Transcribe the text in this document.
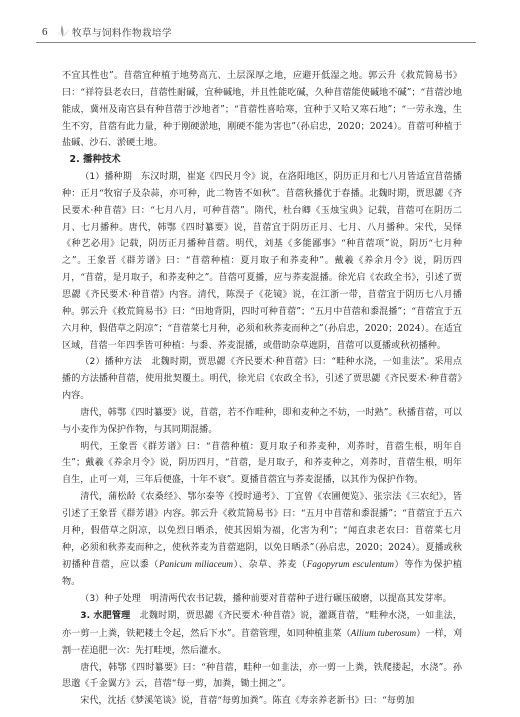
6	牧草与饲料作物栽培学

不宜其性也”。苜蓿宜种植于地势高亢、土层深厚之地，应避开低湿之地。郭云升《救荒简易书》曰：“祥符县老农曰，苜蓿性耐碱，宜种碱地，并且性能吃碱，久种苜蓿能使碱地不碱”；“苜蓿沙地能成，冀州及南宫县有种苜蓿于沙地者”；“苜蓿性喜哈寒，宜种于又哈又寒石地”；“一劳永逸，生生不穷，苜蓿有此力量，种于刚硬淤地，刚硬不能为害也”（孙启忠，2020；2024）。苜蓿可种植于盐碱、沙石、淤硬土地。

2. 播种技术

（1）播种期　 东汉时期，崔寔《四民月令》说，在洛阳地区，阴历正月和七八月皆适宜苜蓿播种：正月“牧宿子及杂蒜，亦可种，此二物皆不如秋”。苜蓿秋播优于春播。北魏时期，贾思勰《齐民要术·种苜蓿》曰：“七月八月，可种苜蓿”。隋代，杜台卿《玉烛宝典》记载，苜蓿可在阴历二月、七月播种。唐代，韩鄂《四时纂要》说，苜蓿宜于阴历正月、七月、八月播种。宋代，吴怿《种艺必用》记载，阴历正月播种苜蓿。明代，刘基《多能鄙事》“种苜蓿项”说，阴历“七月种之”。王象晋《群芳谱》曰：“苜蓿种植：夏月取子和荞麦种”。戴羲《养余月令》说，阴历四月，“苜蓿，是月取子，和荞麦种之”。苜蓿可夏播，应与荞麦混播。徐光启《农政全书》，引述了贾思勰《齐民要术·种苜蓿》内容。清代，陈淏子《花镜》说，在江浙一带，苜蓿宜于阴历七八月播种。郭云升《救荒简易书》曰：“田地背阴，四时可种苜蓿”；“五月中苜蓿和黍混播”；“苜蓿宜于五六月种，假借草之阴凉”；“苜蓿菜七月种，必须和秋荞麦而种之”（孙启忠，2020；2024）。在适宜区域，苜蓿一年四季皆可种植：与黍、荞麦混播，或借助杂草遮阴，苜蓿可以夏播或秋初播种。

（2）播种方法　 北魏时期，贾思勰《齐民要术·种苜蓿》曰：“畦种水浇，一如韭法”。采用点播的方法播种苜蓿，使用批契覆土。明代，徐光启《农政全书》，引述了贾思勰《齐民要术·种苜蓿》内容。

唐代，韩鄂《四时纂要》说，苜蓿，若不作畦种，即和麦种之不妨，一时熟”。秋播苜蓿，可以与小麦作为保护作物，与其同期混播。

明代，王象晋《群芳谱》曰：“苜蓿种植：夏月取子和荞麦种，刈荞时，苜蓿生根，明年自生”；戴羲《养余月令》说，阴历四月，“苜蓿，是月取子，和荞麦种之，刈荞时，苜蓿生根，明年自生，止可一刈，三年后便盛，十年不衰”。夏播苜蓿宜与荞麦混播，以其作为保护作物。

清代，蒲松龄《农桑经》、鄂尔泰等《授时通考》、丁宜曾《农圃便览》、张宗法《三农纪》，皆引述了王象晋《群芳谱》内容。郭云升《救荒简易书》曰：“五月中苜蓿和黍混播”；“苜蓿宜于五六月种，假借草之阴凉，以免烈日晒杀，使其因娟为福，化害为利”；“闻直隶老农曰：苜蓿菜七月种，必须和秋荞麦而种之，使秋荞麦为苜蓿遮阴，以免日晒杀”（孙启忠，2020；2024）。夏播或秋初播种苜蓿，应以黍（Panicum miliaceum）、杂草、荞麦（Fagopyrum esculentum）等作为保护植物。

（3）种子处理　 明清两代农书记载，播种前要对苜蓿种子进行碾压破磨，以提高其发芽率。

3. 水肥管理　 北魏时期，贾思勰《齐民要术·种苜蓿》说，灌溉苜蓿，“畦种水浇，一如韭法，亦一剪一上粪，铁耙耧土令起，然后下水”。苜蓿管理，如同种植韭菜（Allium tuberosum）一样，刈割一茬追肥一次：先打畦埂，然后灌水。

唐代，韩鄂《四时纂要》曰：“种苜蓿，畦种一如韭法，亦一剪一上粪，铁爬搂起，水浇”。孙思邈《千金翼方》云，苜蓿“每一剪，加粪，锄土拥之”。

宋代，沈括《梦溪笔谈》说，苜蓿“每剪加粪”。陈直《寿亲养老新书》曰：“每剪加
